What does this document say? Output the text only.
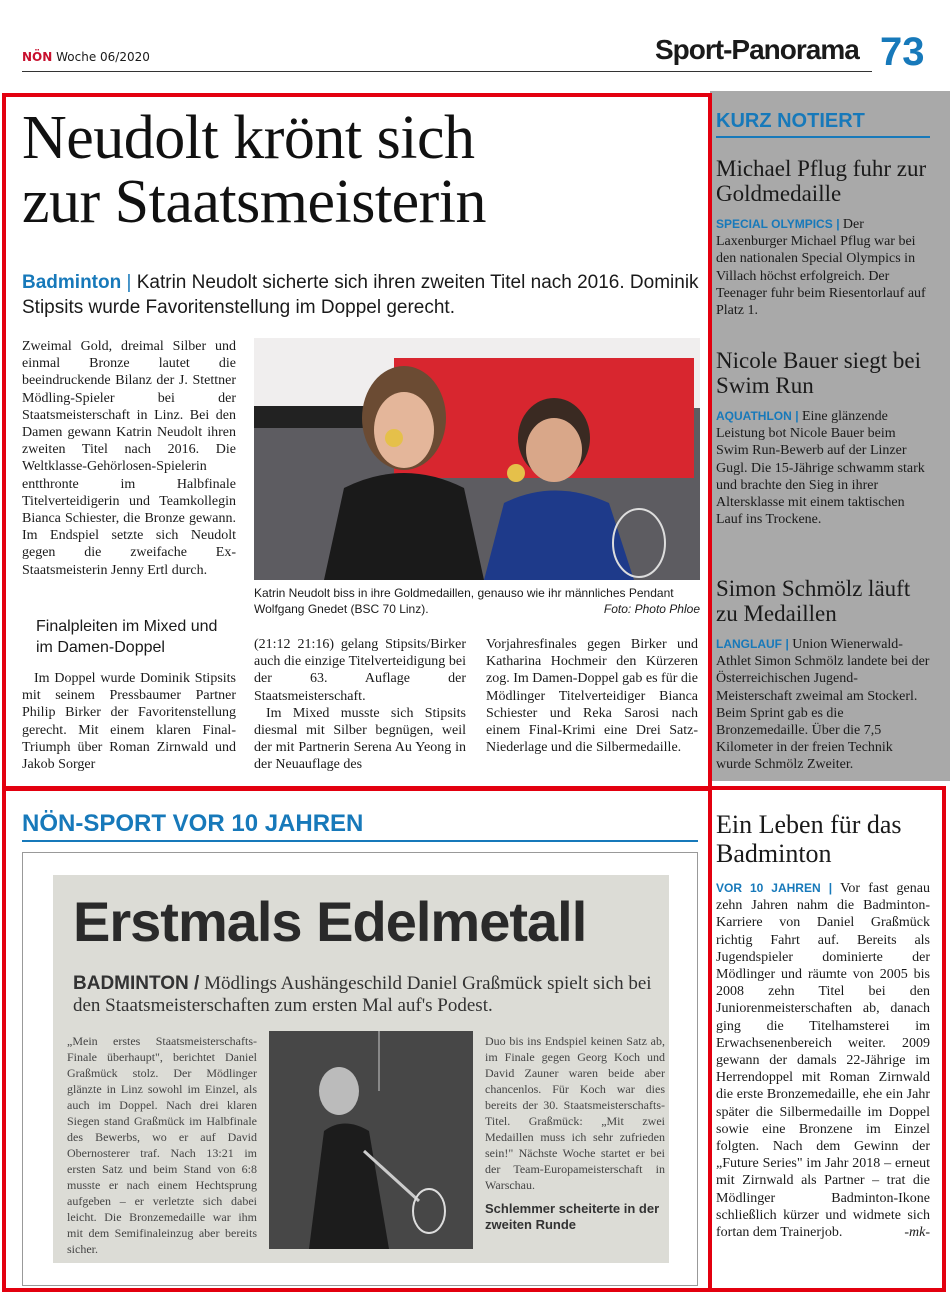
NÖN Woche 06/2020	Sport-Panorama 73
Neudolt krönt sich
zur Staatsmeisterin
Badminton | Katrin Neudolt sicherte sich ihren zweiten Titel nach 2016. Dominik Stipsits wurde Favoritenstellung im Doppel gerecht.
Zweimal Gold, dreimal Silber und einmal Bronze lautet die beeindruckende Bilanz der J. Stettner Mödling-Spieler bei der Staatsmeisterschaft in Linz. Bei den Damen gewann Katrin Neudolt ihren zweiten Titel nach 2016. Die Weltklasse-Gehörlosen-Spielerin entthronte im Halbfinale Titelverteidigerin und Teamkollegin Bianca Schiester, die Bronze gewann. Im Endspiel setzte sich Neudolt gegen die zweifache Ex-Staatsmeisterin Jenny Ertl durch.
Finalpleiten im Mixed und im Damen-Doppel
Im Doppel wurde Dominik Stipsits mit seinem Pressbaumer Partner Philip Birker der Favoritenstellung gerecht. Mit einem klaren Final-Triumph über Roman Zirnwald und Jakob Sorger
Katrin Neudolt biss in ihre Goldmedaillen, genauso wie ihr männliches Pendant Wolfgang Gnedet (BSC 70 Linz).	Foto: Photo Phloe
(21:12 21:16) gelang Stipsits/Birker auch die einzige Titelverteidigung bei der 63. Auflage der Staatsmeisterschaft.
Im Mixed musste sich Stipsits diesmal mit Silber begnügen, weil der mit Partnerin Serena Au Yeong in der Neuauflage des
Vorjahresfinales gegen Birker und Katharina Hochmeir den Kürzeren zog. Im Damen-Doppel gab es für die Mödlinger Titelverteidiger Bianca Schiester und Reka Sarosi nach einem Final-Krimi eine Drei Satz-Niederlage und die Silbermedaille.
KURZ NOTIERT
Michael Pflug fuhr zur Goldmedaille
SPECIAL OLYMPICS | Der Laxenburger Michael Pflug war bei den nationalen Special Olympics in Villach höchst erfolgreich. Der Teenager fuhr beim Riesentorlauf auf Platz 1.
Nicole Bauer siegt bei Swim Run
AQUATHLON | Eine glänzende Leistung bot Nicole Bauer beim Swim Run-Bewerb auf der Linzer Gugl. Die 15-Jährige schwamm stark und brachte den Sieg in ihrer Altersklasse mit einem taktischen Lauf ins Trockene.
Simon Schmölz läuft zu Medaillen
LANGLAUF | Union Wienerwald-Athlet Simon Schmölz landete bei der Österreichischen Jugend-Meisterschaft zweimal am Stockerl. Beim Sprint gab es die Bronzemedaille. Über die 7,5 Kilometer in der freien Technik wurde Schmölz Zweiter.
NÖN-SPORT VOR 10 JAHREN
Erstmals Edelmetall
BADMINTON / Mödlings Aushängeschild Daniel Graßmück spielt sich bei den Staatsmeisterschaften zum ersten Mal auf's Podest.
„Mein erstes Staatsmeisterschafts-Finale überhaupt", berichtet Daniel Graßmück stolz. Der Mödlinger glänzte in Linz sowohl im Einzel, als auch im Doppel. Nach drei klaren Siegen stand Graßmück im Halbfinale des Bewerbs, wo er auf David Obernosterer traf. Nach 13:21 im ersten Satz und beim Stand von 6:8 musste er nach einem Hechtsprung aufgeben – er verletzte sich dabei leicht. Die Bronzemedaille war ihm mit dem Semifinaleinzug aber bereits sicher.
Duo bis ins Endspiel keinen Satz ab, im Finale gegen Georg Koch und David Zauner waren beide aber chancenlos. Für Koch war dies bereits der 30. Staatsmeisterschafts-Titel. Graßmück: „Mit zwei Medaillen muss ich sehr zufrieden sein!" Nächste Woche startet er bei der Team-Europameisterschaft in Warschau.
Schlemmer scheiterte in der zweiten Runde
Ein Leben für das Badminton
VOR 10 JAHREN | Vor fast genau zehn Jahren nahm die Badminton-Karriere von Daniel Graßmück richtig Fahrt auf. Bereits als Jugendspieler dominierte der Mödlinger und räumte von 2005 bis 2008 zehn Titel bei den Juniorenmeisterschaften ab, danach ging die Titelhamsterei im Erwachsenenbereich weiter. 2009 gewann der damals 22-Jährige im Herrendoppel mit Roman Zirnwald die erste Bronzemedaille, ehe ein Jahr später die Silbermedaille im Doppel sowie eine Bronzene im Einzel folgten. Nach dem Gewinn der „Future Series" im Jahr 2018 – erneut mit Zirnwald als Partner – trat die Mödlinger Badminton-Ikone schließlich kürzer und widmete sich fortan dem Trainerjob.	-mk-
